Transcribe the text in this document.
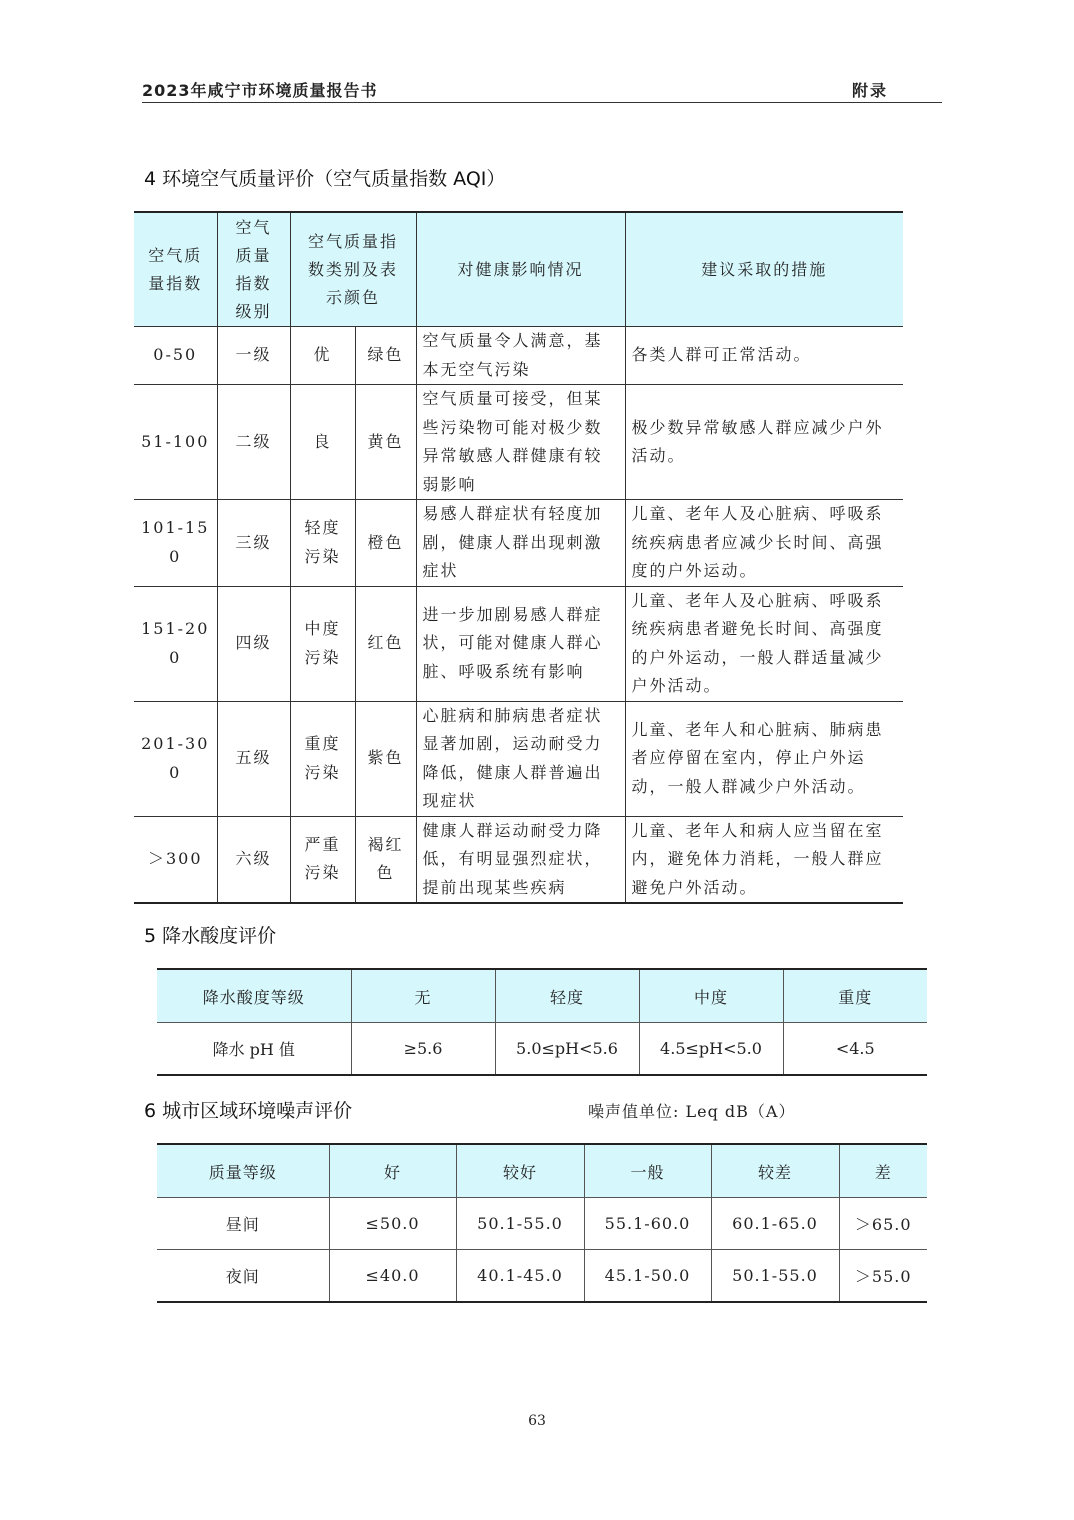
2023年咸宁市环境质量报告书	附录
4 环境空气质量评价（空气质量指数 AQI）
空气质量指数	空气质量指数级别	空气质量指数类别及表示颜色		对健康影响情况	建议采取的措施
0-50	一级	优	绿色	空气质量令人满意，基本无空气污染	各类人群可正常活动。
51-100	二级	良	黄色	空气质量可接受，但某些污染物可能对极少数异常敏感人群健康有较弱影响	极少数异常敏感人群应减少户外活动。
101-150	三级	轻度污染	橙色	易感人群症状有轻度加剧，健康人群出现刺激症状	儿童、老年人及心脏病、呼吸系统疾病患者应减少长时间、高强度的户外运动。
151-200	四级	中度污染	红色	进一步加剧易感人群症状，可能对健康人群心脏、呼吸系统有影响	儿童、老年人及心脏病、呼吸系统疾病患者避免长时间、高强度的户外运动，一般人群适量减少户外活动。
201-300	五级	重度污染	紫色	心脏病和肺病患者症状显著加剧，运动耐受力降低，健康人群普遍出现症状	儿童、老年人和心脏病、肺病患者应停留在室内，停止户外运动，一般人群减少户外活动。
＞300	六级	严重污染	褐红色	健康人群运动耐受力降低，有明显强烈症状，提前出现某些疾病	儿童、老年人和病人应当留在室内，避免体力消耗，一般人群应避免户外活动。
5 降水酸度评价
降水酸度等级	无	轻度	中度	重度
降水 pH 值	≥5.6	5.0≤pH<5.6	4.5≤pH<5.0	<4.5
6 城市区域环境噪声评价	噪声值单位: Leq dB（A）
质量等级	好	较好	一般	较差	差
昼间	≤50.0	50.1-55.0	55.1-60.0	60.1-65.0	＞65.0
夜间	≤40.0	40.1-45.0	45.1-50.0	50.1-55.0	＞55.0
63
